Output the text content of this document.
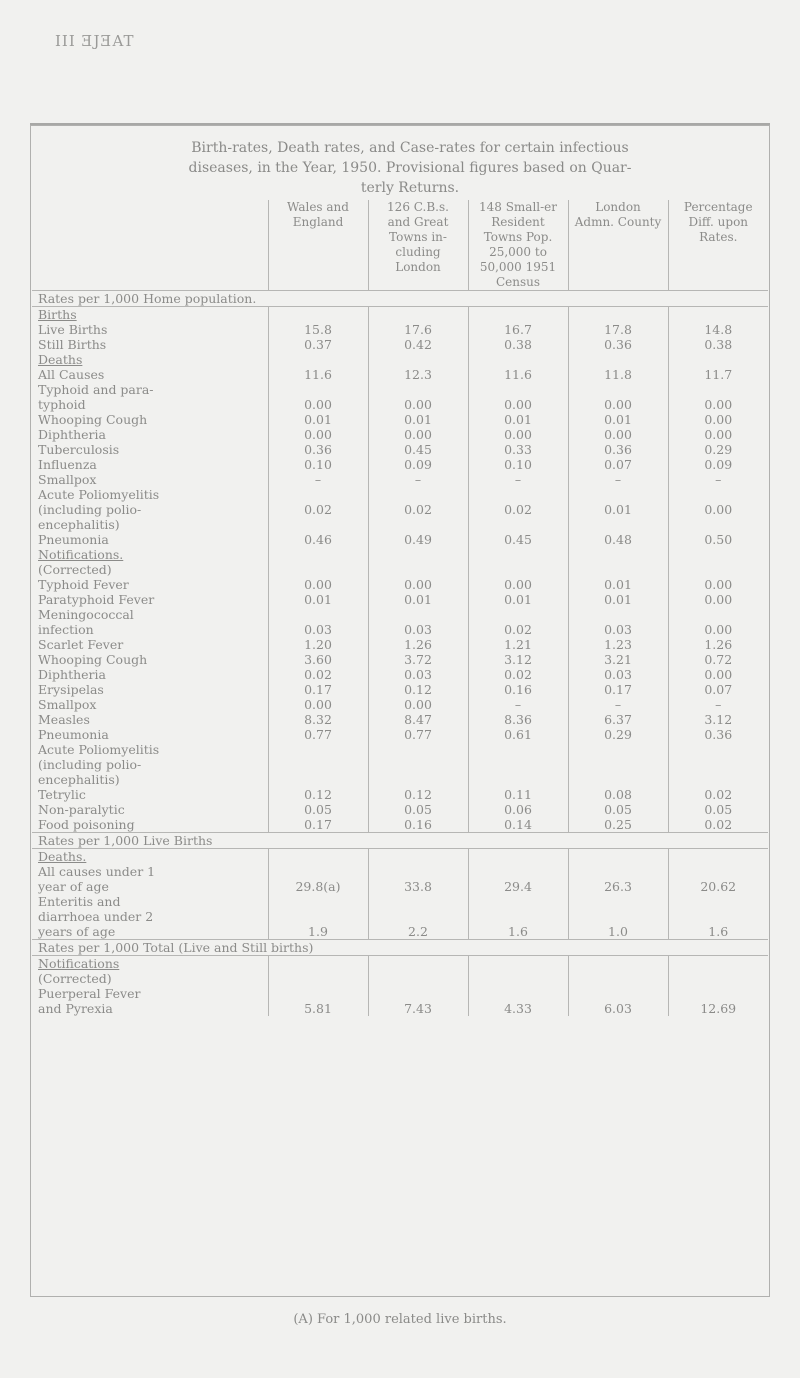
III ƎJƎAT
Birth-rates, Death rates, and Case-rates for certain infectious
diseases, in the Year, 1950. Provisional figures based on Quar-
terly Returns.
	Wales and England	126 C.B.s. and Great Towns in-cluding London	148 Small-er Resident Towns Pop. 25,000 to 50,000 1951 Census	London Admn. County	Percentage Diff. upon Rates.
Rates per 1,000 Home population.					
Births					
Live Births	15.8	17.6	16.7	17.8	14.8
Still Births	0.37	0.42	0.38	0.36	0.38
Deaths					
All Causes	11.6	12.3	11.6	11.8	11.7
Typhoid and para-					
typhoid	0.00	0.00	0.00	0.00	0.00
Whooping Cough	0.01	0.01	0.01	0.01	0.00
Diphtheria	0.00	0.00	0.00	0.00	0.00
Tuberculosis	0.36	0.45	0.33	0.36	0.29
Influenza	0.10	0.09	0.10	0.07	0.09
Smallpox	–	–	–	–	–
Acute Poliomyelitis					
(including polio-	0.02	0.02	0.02	0.01	0.00
encephalitis)					
Pneumonia	0.46	0.49	0.45	0.48	0.50
Notifications.					
(Corrected)					
Typhoid Fever	0.00	0.00	0.00	0.01	0.00
Paratyphoid Fever	0.01	0.01	0.01	0.01	0.00
Meningococcal					
infection	0.03	0.03	0.02	0.03	0.00
Scarlet Fever	1.20	1.26	1.21	1.23	1.26
Whooping Cough	3.60	3.72	3.12	3.21	0.72
Diphtheria	0.02	0.03	0.02	0.03	0.00
Erysipelas	0.17	0.12	0.16	0.17	0.07
Smallpox	0.00	0.00	–	–	–
Measles	8.32	8.47	8.36	6.37	3.12
Pneumonia	0.77	0.77	0.61	0.29	0.36
Acute Poliomyelitis					
(including polio-					
encephalitis)					
Tetrylic	0.12	0.12	0.11	0.08	0.02
Non-paralytic	0.05	0.05	0.06	0.05	0.05
Food poisoning	0.17	0.16	0.14	0.25	0.02
Rates per 1,000 Live Births					
Deaths.					
All causes under 1					
year of age	29.8(a)	33.8	29.4	26.3	20.62
Enteritis and					
diarrhoea under 2					
years of age	1.9	2.2	1.6	1.0	1.6
Rates per 1,000 Total (Live and Still births)					
Notifications					
(Corrected)					
Puerperal Fever					
and Pyrexia	5.81	7.43	4.33	6.03	12.69
(A) For 1,000 related live births.
